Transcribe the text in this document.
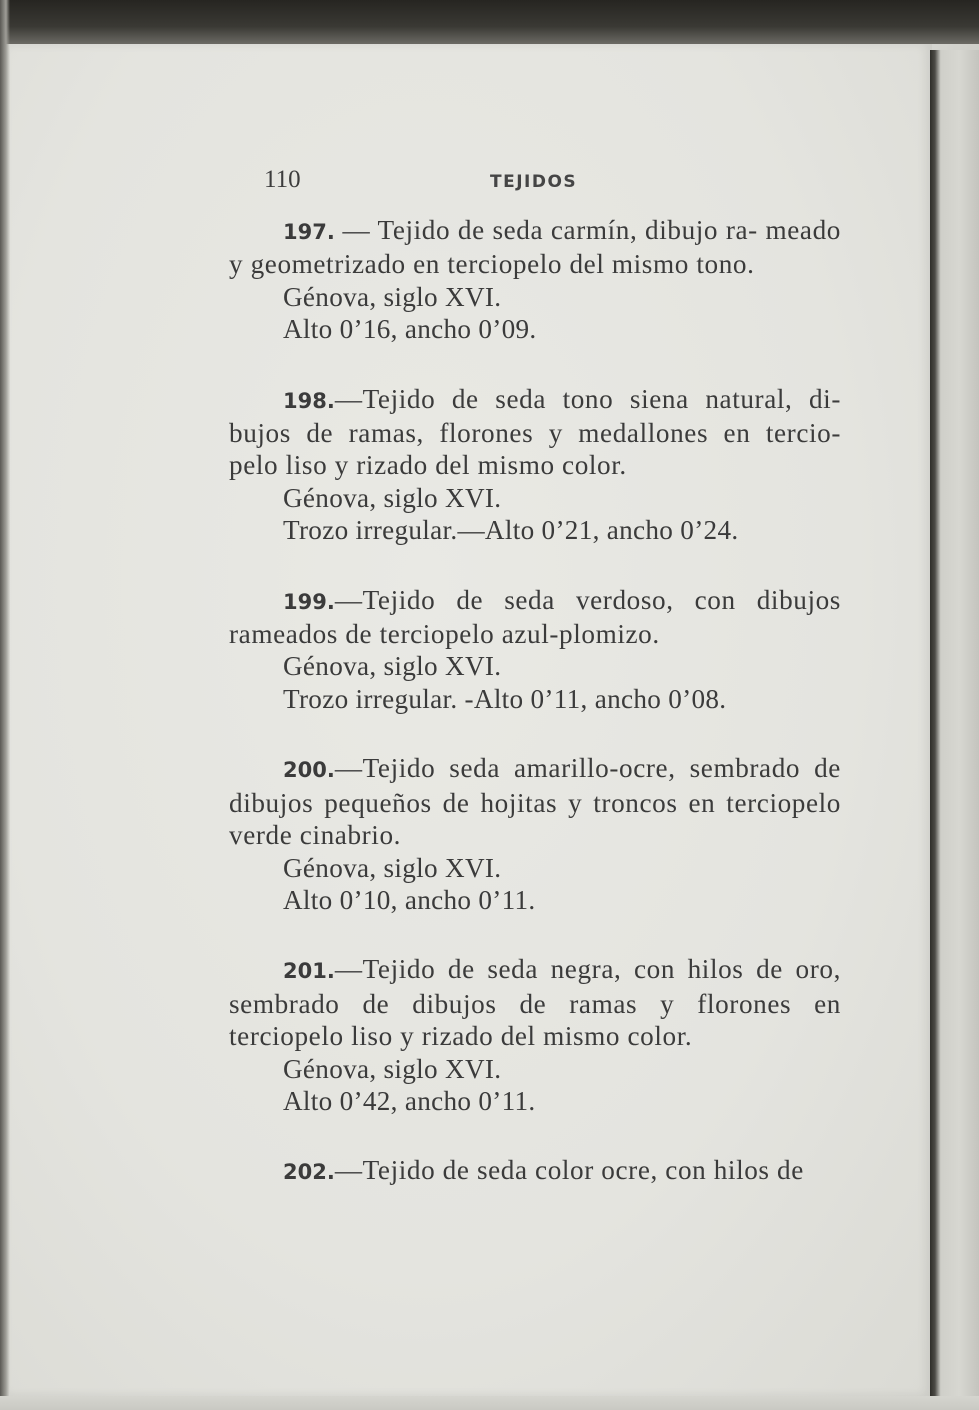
110	TEJIDOS

197. — Tejido de seda carmín, dibujo ra- meado y geometrizado en terciopelo del mismo tono.

Génova, siglo XVI.

Alto 0’16, ancho 0’09.

198.—Tejido de seda tono siena natural, di- bujos de ramas, florones y medallones en tercio- pelo liso y rizado del mismo color.

Génova, siglo XVI.

Trozo irregular.—Alto 0’21, ancho 0’24.

199.—Tejido de seda verdoso, con dibujos rameados de terciopelo azul-plomizo.

Génova, siglo XVI.

Trozo irregular. -Alto 0’11, ancho 0’08.

200.—Tejido seda amarillo-ocre, sembrado de dibujos pequeños de hojitas y troncos en terciopelo verde cinabrio.

Génova, siglo XVI.

Alto 0’10, ancho 0’11.

201.—Tejido de seda negra, con hilos de oro, sembrado de dibujos de ramas y florones en terciopelo liso y rizado del mismo color.

Génova, siglo XVI.

Alto 0’42, ancho 0’11.

202.—Tejido de seda color ocre, con hilos de
